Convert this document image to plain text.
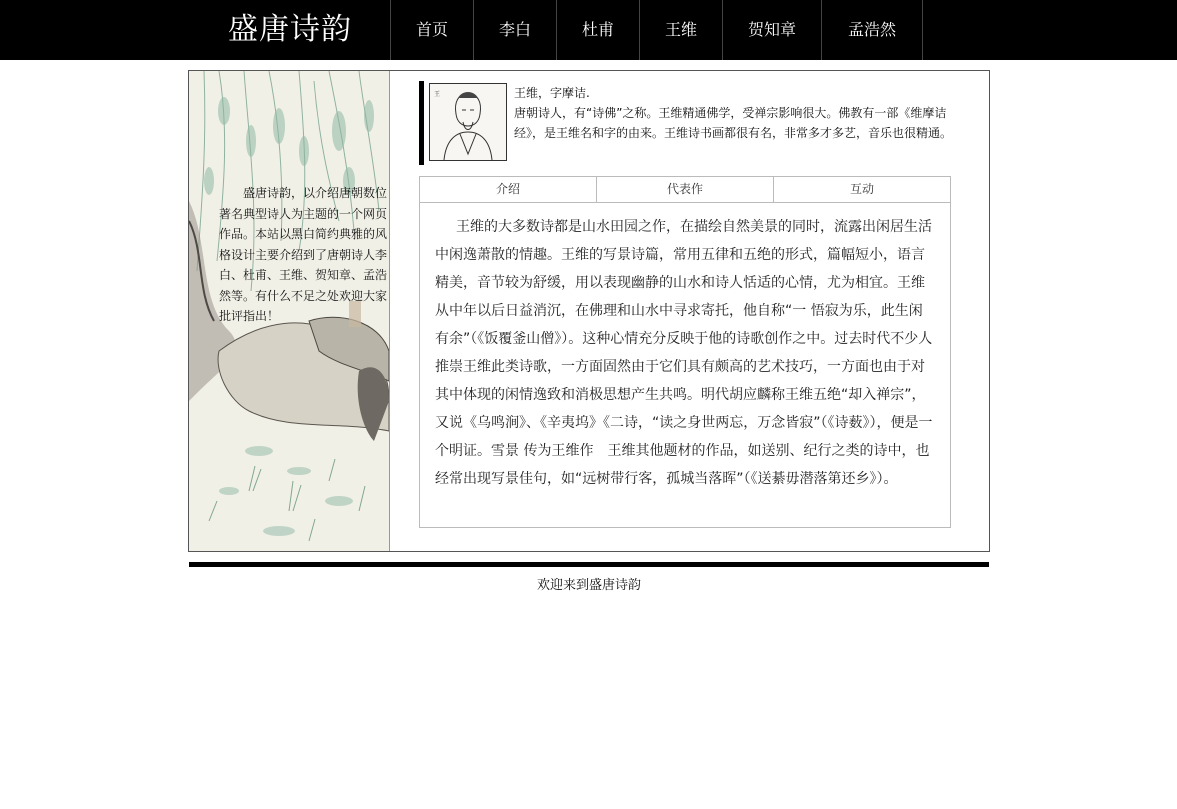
盛唐诗韵	首页	李白	杜甫	王维	贺知章	孟浩然
盛唐诗韵，以介绍唐朝数位著名典型诗人为主题的一个网页作品。本站以黑白简约典雅的风格设计主要介绍到了唐朝诗人李白、杜甫、王维、贺知章、孟浩然等。有什么不足之处欢迎大家批评指出！
王	王维，字摩诘.

唐朝诗人，有“诗佛”之称。王维精通佛学，受禅宗影响很大。佛教有一部《维摩诘经》，是王维名和字的由来。王维诗书画都很有名，非常多才多艺，音乐也很精通。

介绍	代表作	互动
王维的大多数诗都是山水田园之作，在描绘自然美景的同时，流露出闲居生活中闲逸萧散的情趣。王维的写景诗篇，常用五律和五绝的形式，篇幅短小，语言精美，音节较为舒缓，用以表现幽静的山水和诗人恬适的心情，尤为相宜。王维从中年以后日益消沉，在佛理和山水中寻求寄托，他自称“一 悟寂为乐，此生闲有余”（《饭覆釜山僧》）。这种心情充分反映于他的诗歌创作之中。过去时代不少人推崇王维此类诗歌，一方面固然由于它们具有颇高的艺术技巧，一方面也由于对其中体现的闲情逸致和消极思想产生共鸣。明代胡应麟称王维五绝“却入禅宗”，又说《乌鸣涧》、《辛夷坞》《二诗，“读之身世两忘，万念皆寂”（《诗薮》），便是一个明证。雪景 传为王维作　王维其他题材的作品，如送别、纪行之类的诗中，也经常出现写景佳句，如“远树带行客，孤城当落晖”（《送綦毋潜落第还乡》）。
欢迎来到盛唐诗韵
